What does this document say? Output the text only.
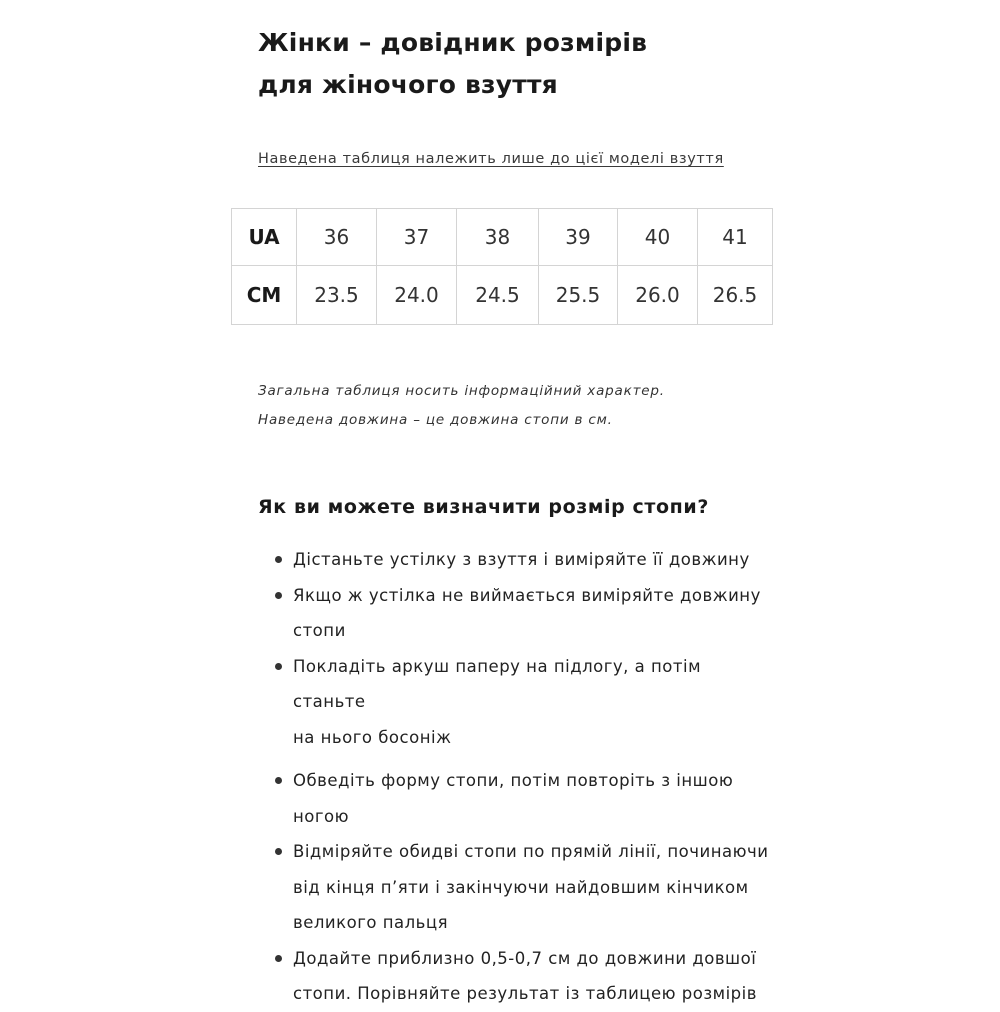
Жінки – довідник розмірів
для жіночого взуття
Наведена таблиця належить лише до цієї моделі взуття
UA	36	37	38	39	40	41
CM	23.5	24.0	24.5	25.5	26.0	26.5
Загальна таблиця носить інформаційний характер.
Наведена довжина – це довжина стопи в см.
Як ви можете визначити розмір стопи?
Дістаньте устілку з взуття і виміряйте її довжину
Якщо ж устілка не виймається виміряйте довжину
стопи
Покладіть аркуш паперу на підлогу, а потім станьте
на нього босоніж
Обведіть форму стопи, потім повторіть з іншою
ногою
Відміряйте обидві стопи по прямій лінії, починаючи
від кінця п’яти і закінчуючи найдовшим кінчиком
великого пальця
Додайте приблизно 0,5-0,7 см до довжини довшої
стопи. Порівняйте результат із таблицею розмірів
